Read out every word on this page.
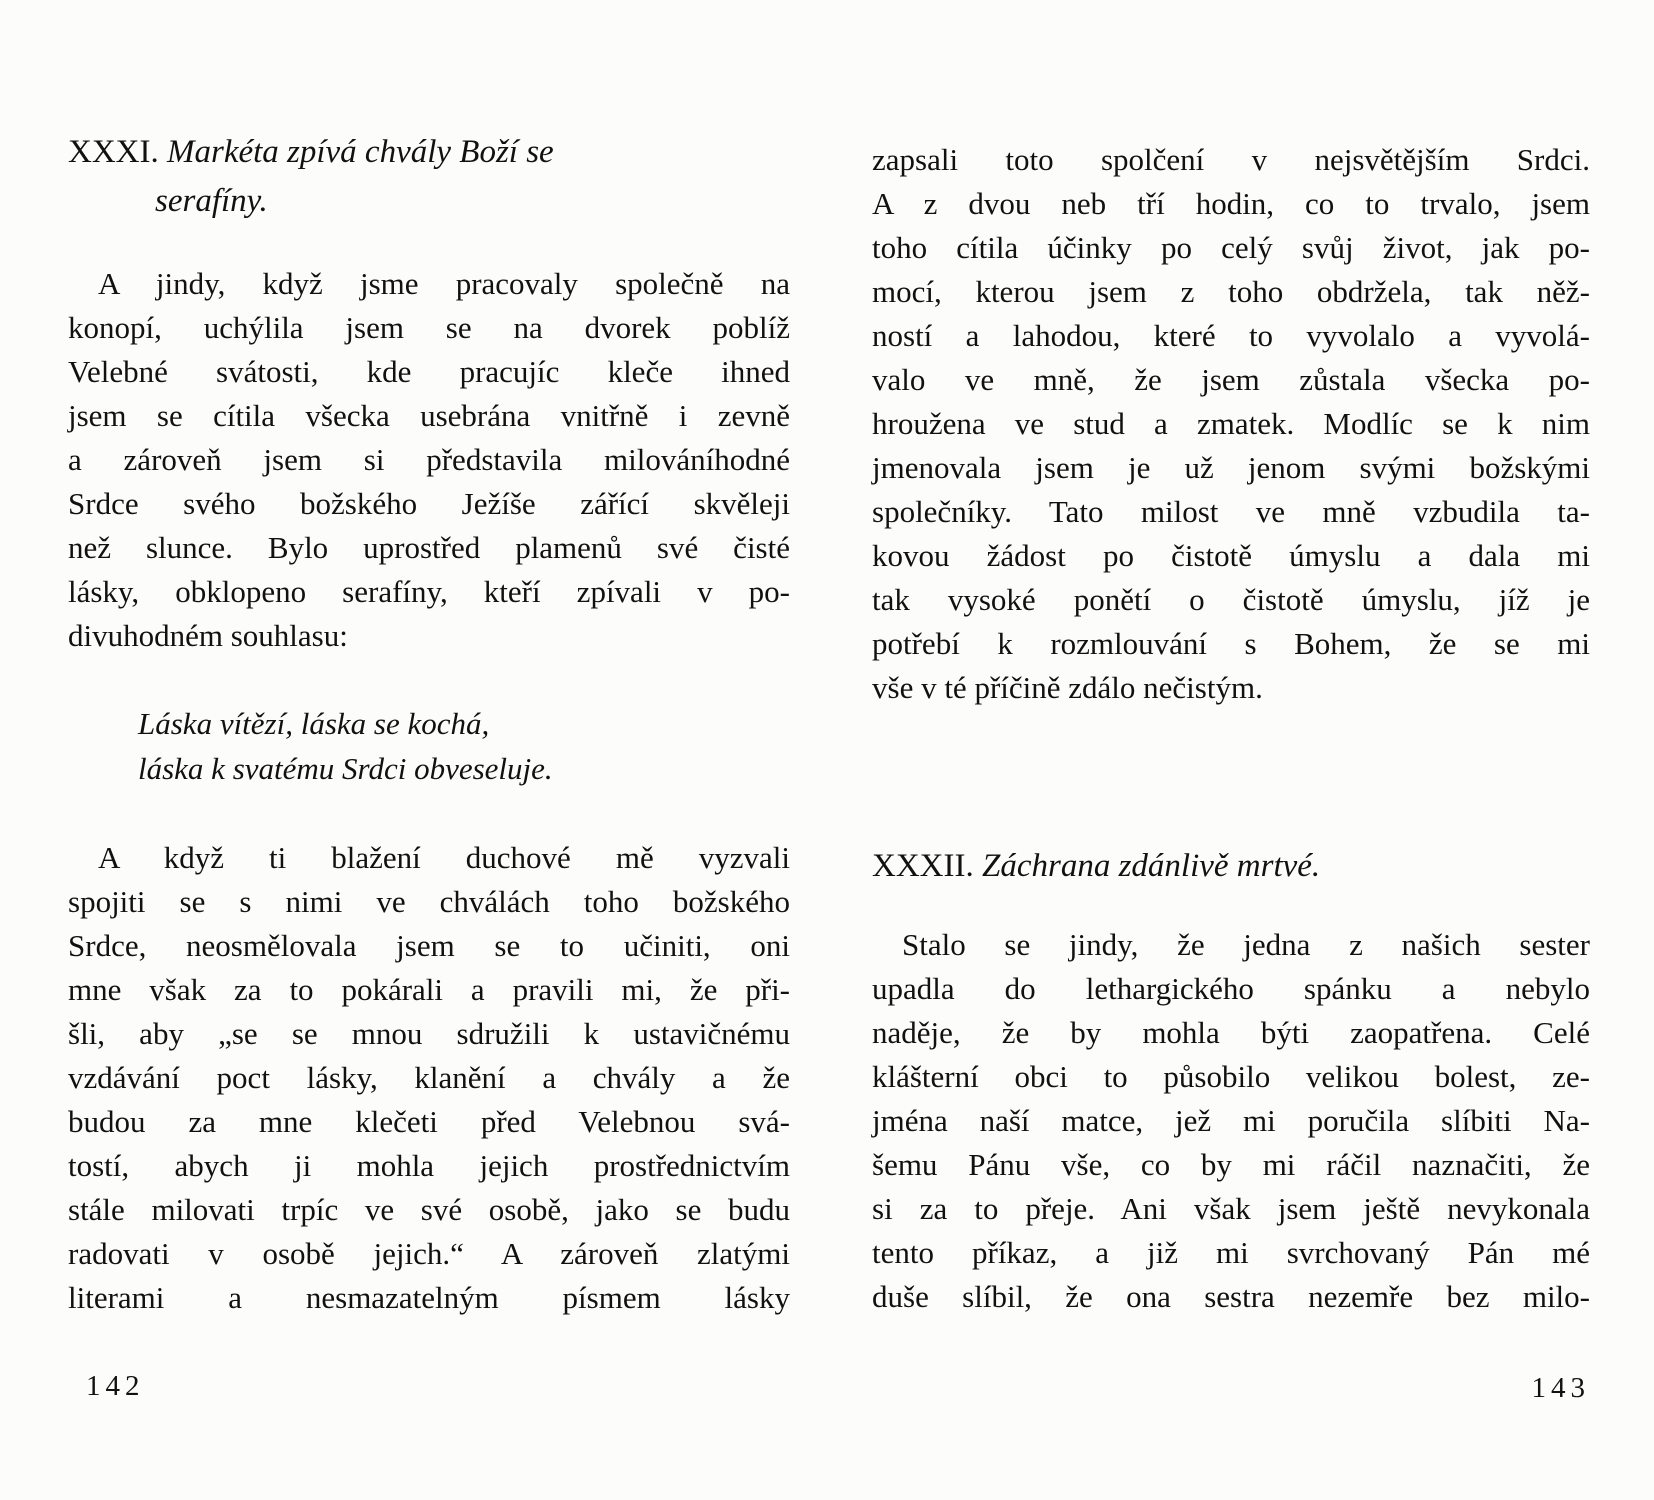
XXXI. Markéta zpívá chvály Boží se
serafíny.
A jindy, když jsme pracovaly společně na
konopí, uchýlila jsem se na dvorek poblíž
Velebné svátosti, kde pracujíc kleče ihned
jsem se cítila všecka usebrána vnitřně i zevně
a zároveň jsem si představila milováníhodné
Srdce svého božského Ježíše zářící skvěleji
než slunce. Bylo uprostřed plamenů své čisté
lásky, obklopeno serafíny, kteří zpívali v po-
divuhodném souhlasu:
Láska vítězí, láska se kochá,
láska k svatému Srdci obveseluje.
A když ti blažení duchové mě vyzvali
spojiti se s nimi ve chválách toho božského
Srdce, neosmělovala jsem se to učiniti, oni
mne však za to pokárali a pravili mi, že při-
šli, aby „se se mnou sdružili k ustavičnému
vzdávání poct lásky, klanění a chvály a že
budou za mne klečeti před Velebnou svá-
tostí, abych ji mohla jejich prostřednictvím
stále milovati trpíc ve své osobě, jako se budu
radovati v osobě jejich.“ A zároveň zlatými
literami a nesmazatelným písmem lásky
142
zapsali toto spolčení v nejsvětějším Srdci.
A z dvou neb tří hodin, co to trvalo, jsem
toho cítila účinky po celý svůj život, jak po-
mocí, kterou jsem z toho obdržela, tak něž-
ností a lahodou, které to vyvolalo a vyvolá-
valo ve mně, že jsem zůstala všecka po-
hroužena ve stud a zmatek. Modlíc se k nim
jmenovala jsem je už jenom svými božskými
společníky. Tato milost ve mně vzbudila ta-
kovou žádost po čistotě úmyslu a dala mi
tak vysoké ponětí o čistotě úmyslu, jíž je
potřebí k rozmlouvání s Bohem, že se mi
vše v té příčině zdálo nečistým.
XXXII. Záchrana zdánlivě mrtvé.
Stalo se jindy, že jedna z našich sester
upadla do lethargického spánku a nebylo
naděje, že by mohla býti zaopatřena. Celé
klášterní obci to působilo velikou bolest, ze-
jména naší matce, jež mi poručila slíbiti Na-
šemu Pánu vše, co by mi ráčil naznačiti, že
si za to přeje. Ani však jsem ještě nevykonala
tento příkaz, a již mi svrchovaný Pán mé
duše slíbil, že ona sestra nezemře bez milo-
143
